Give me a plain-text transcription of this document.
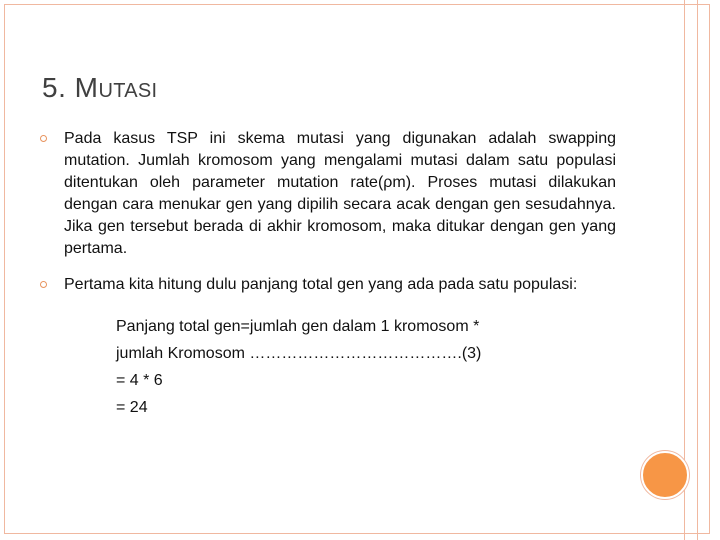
5. MUTASI
Pada kasus TSP ini skema mutasi yang digunakan adalah swapping mutation. Jumlah kromosom yang mengalami mutasi dalam satu populasi ditentukan oleh parameter mutation rate(ρm). Proses mutasi dilakukan dengan cara menukar gen yang dipilih secara acak dengan gen sesudahnya. Jika gen tersebut berada di akhir kromosom, maka ditukar dengan gen yang pertama.
Pertama kita hitung dulu panjang total gen yang ada pada satu populasi:
Panjang total gen=jumlah gen dalam 1 kromosom *
jumlah Kromosom ………………………………….(3)
= 4 * 6
= 24
